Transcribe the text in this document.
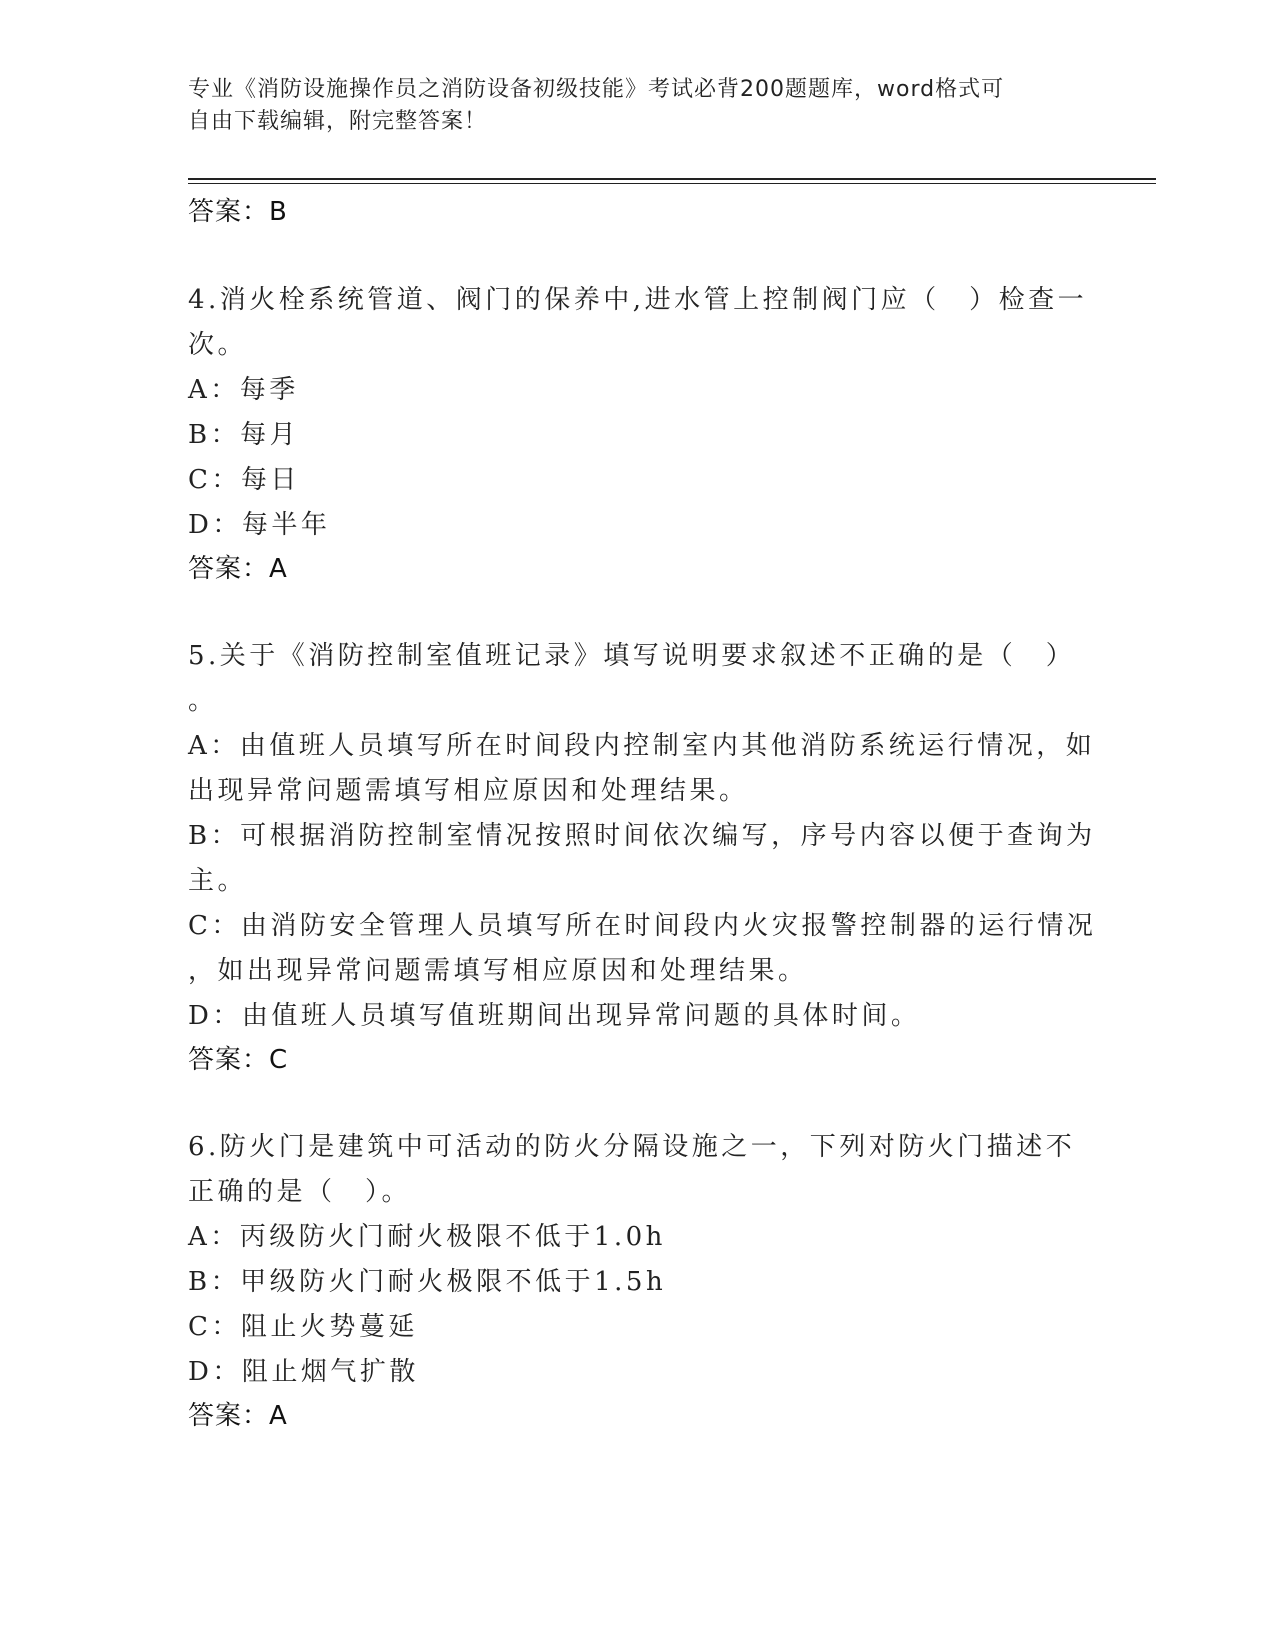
专业《消防设施操作员之消防设备初级技能》考试必背200题题库，word格式可
自由下载编辑，附完整答案！
答案：B
4.消火栓系统管道、阀门的保养中,进水管上控制阀门应（　）检查一
次。
A：每季
B：每月
C：每日
D：每半年
答案：A
5.关于《消防控制室值班记录》填写说明要求叙述不正确的是（　）
。
A：由值班人员填写所在时间段内控制室内其他消防系统运行情况，如
出现异常问题需填写相应原因和处理结果。
B：可根据消防控制室情况按照时间依次编写，序号内容以便于查询为
主。
C：由消防安全管理人员填写所在时间段内火灾报警控制器的运行情况
，如出现异常问题需填写相应原因和处理结果。
D：由值班人员填写值班期间出现异常问题的具体时间。
答案：C
6.防火门是建筑中可活动的防火分隔设施之一，下列对防火门描述不
正确的是（　）。
A：丙级防火门耐火极限不低于1.0h
B：甲级防火门耐火极限不低于1.5h
C：阻止火势蔓延
D：阻止烟气扩散
答案：A
